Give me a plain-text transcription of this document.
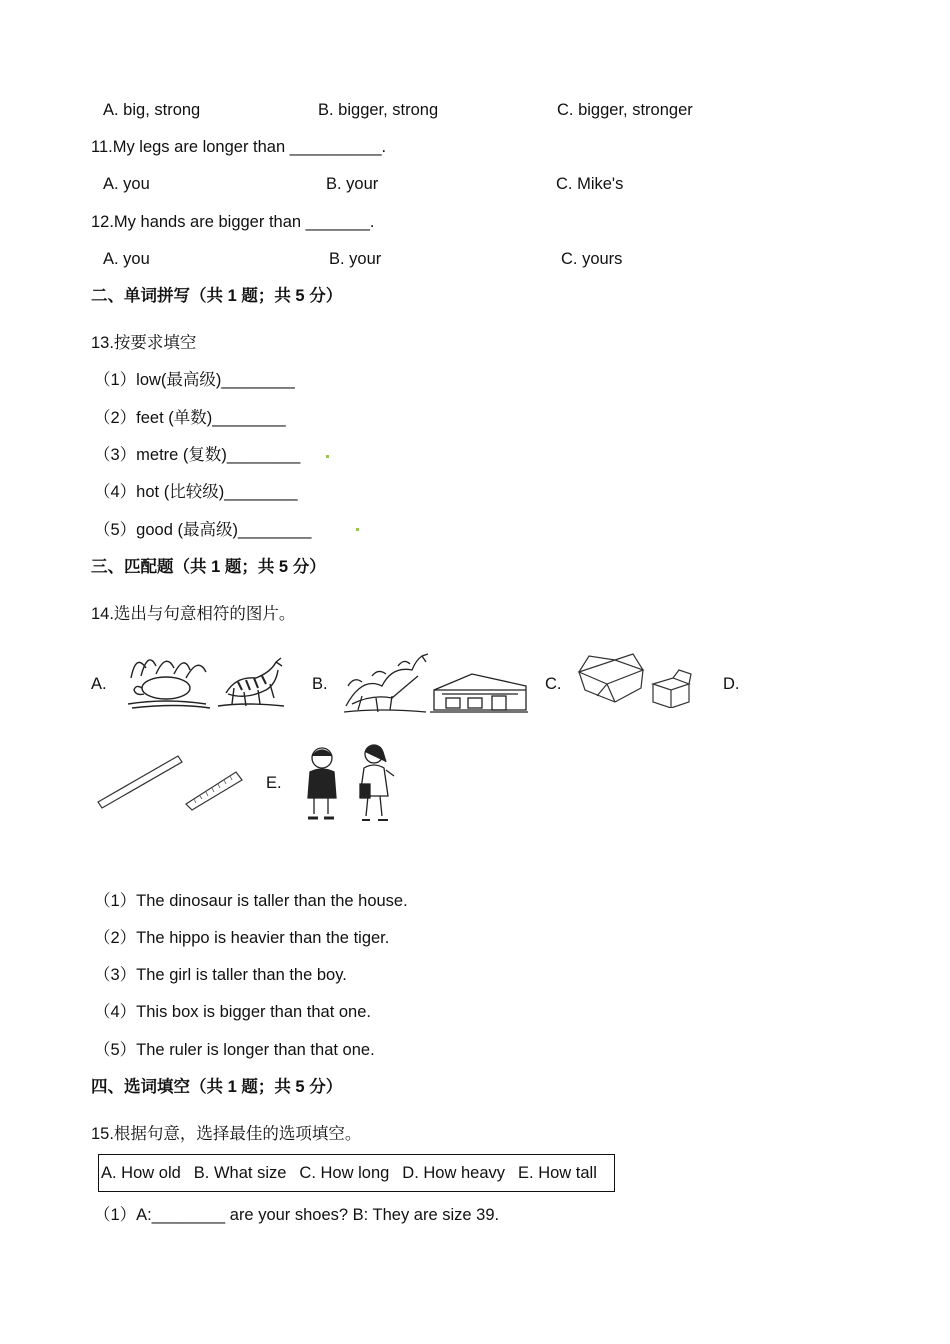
A. big, strong	B. bigger, strong	C. bigger, stronger
11.My legs are longer than __________.
A. you	B. your	C. Mike's
12.My hands are bigger than _______.
A. you	B. your	C. yours
二、单词拼写（共 1 题；共 5 分）
13.按要求填空
（1）low(最高级)________
（2）feet (单数)________
（3）metre (复数)________
（4）hot (比较级)________
（5）good (最高级)________
三、匹配题（共 1 题；共 5 分）
14.选出与句意相符的图片。
A.	B.	C.	D.
E.
（1）The dinosaur is taller than the house.
（2）The hippo is heavier than the tiger.
（3）The girl is taller than the boy.
（4）This box is bigger than that one.
（5）The ruler is longer than that one.
四、选词填空（共 1 题；共 5 分）
15.根据句意，选择最佳的选项填空。
A. How old B. What size C. How long D. How heavy E. How tall
（1）A:________ are your shoes? B: They are size 39.
